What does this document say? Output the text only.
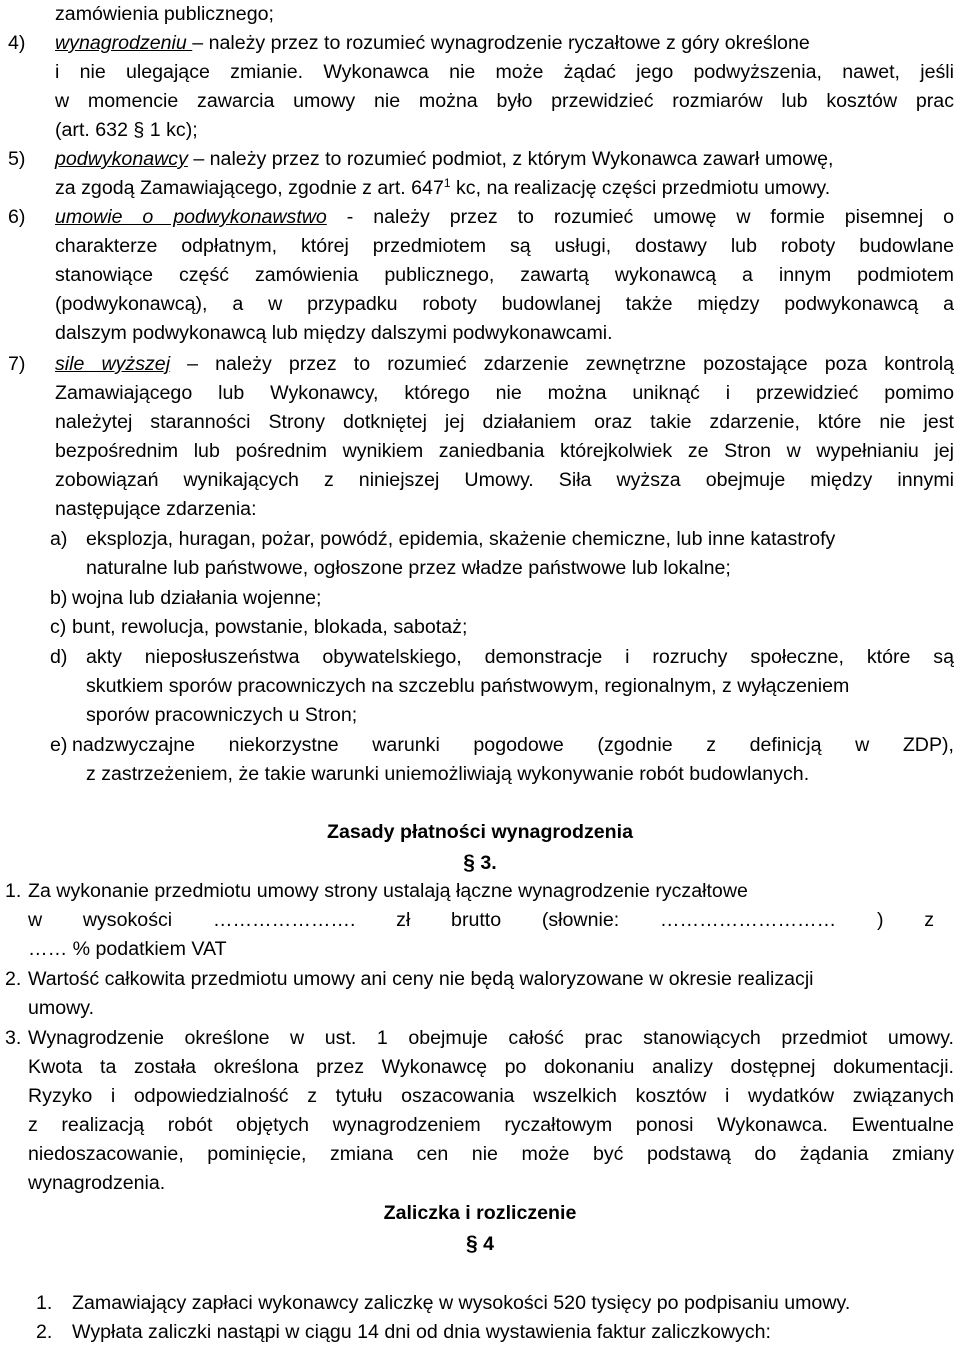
zamówienia publicznego;
4) wynagrodzeniu – należy przez to rozumieć wynagrodzenie ryczałtowe z góry określone
i nie ulegające zmianie. Wykonawca nie może żądać jego podwyższenia, nawet, jeśli
w momencie zawarcia umowy nie można było przewidzieć rozmiarów lub kosztów prac
(art. 632 § 1 kc);
5) podwykonawcy – należy przez to rozumieć podmiot, z którym Wykonawca zawarł umowę,
za zgodą Zamawiającego, zgodnie z art. $647^1$ kc, na realizację części przedmiotu umowy.
6) umowie o podwykonawstwo - należy przez to rozumieć umowę w formie pisemnej o
charakterze odpłatnym, której przedmiotem są usługi, dostawy lub roboty budowlane
stanowiące część zamówienia publicznego, zawartą wykonawcą a innym podmiotem
(podwykonawcą), a w przypadku roboty budowlanej także między podwykonawcą a
dalszym podwykonawcą lub między dalszymi podwykonawcami.
7) sile wyższej – należy przez to rozumieć zdarzenie zewnętrzne pozostające poza kontrolą
Zamawiającego lub Wykonawcy, którego nie można uniknąć i przewidzieć pomimo
należytej staranności Strony dotkniętej jej działaniem oraz takie zdarzenie, które nie jest
bezpośrednim lub pośrednim wynikiem zaniedbania którejkolwiek ze Stron w wypełnianiu jej
zobowiązań wynikających z niniejszej Umowy. Siła wyższa obejmuje między innymi
następujące zdarzenia:
a) eksplozja, huragan, pożar, powódź, epidemia, skażenie chemiczne, lub inne katastrofy
naturalne lub państwowe, ogłoszone przez władze państwowe lub lokalne;
b) wojna lub działania wojenne;
c) bunt, rewolucja, powstanie, blokada, sabotaż;
d) akty nieposłuszeństwa obywatelskiego, demonstracje i rozruchy społeczne, które są
skutkiem sporów pracowniczych na szczeblu państwowym, regionalnym, z wyłączeniem
sporów pracowniczych u Stron;
e) nadzwyczajne niekorzystne warunki pogodowe (zgodnie z definicją w ZDP),
z zastrzeżeniem, że takie warunki uniemożliwiają wykonywanie robót budowlanych.
Zasady płatności wynagrodzenia
§ 3.
1. Za wykonanie przedmiotu umowy strony ustalają łączne wynagrodzenie ryczałtowe
w wysokości …………………. zł brutto (słownie: ……………………… ) z
…… % podatkiem VAT
2. Wartość całkowita przedmiotu umowy ani ceny nie będą waloryzowane w okresie realizacji
umowy.
3. Wynagrodzenie określone w ust. 1 obejmuje całość prac stanowiących przedmiot umowy.
Kwota ta została określona przez Wykonawcę po dokonaniu analizy dostępnej dokumentacji.
Ryzyko i odpowiedzialność z tytułu oszacowania wszelkich kosztów i wydatków związanych
z realizacją robót objętych wynagrodzeniem ryczałtowym ponosi Wykonawca. Ewentualne
niedoszacowanie, pominięcie, zmiana cen nie może być podstawą do żądania zmiany
wynagrodzenia.
Zaliczka i rozliczenie
§ 4
1. Zamawiający zapłaci wykonawcy zaliczkę w wysokości 520 tysięcy po podpisaniu umowy.
2. Wypłata zaliczki nastąpi w ciągu 14 dni od dnia wystawienia faktur zaliczkowych:
